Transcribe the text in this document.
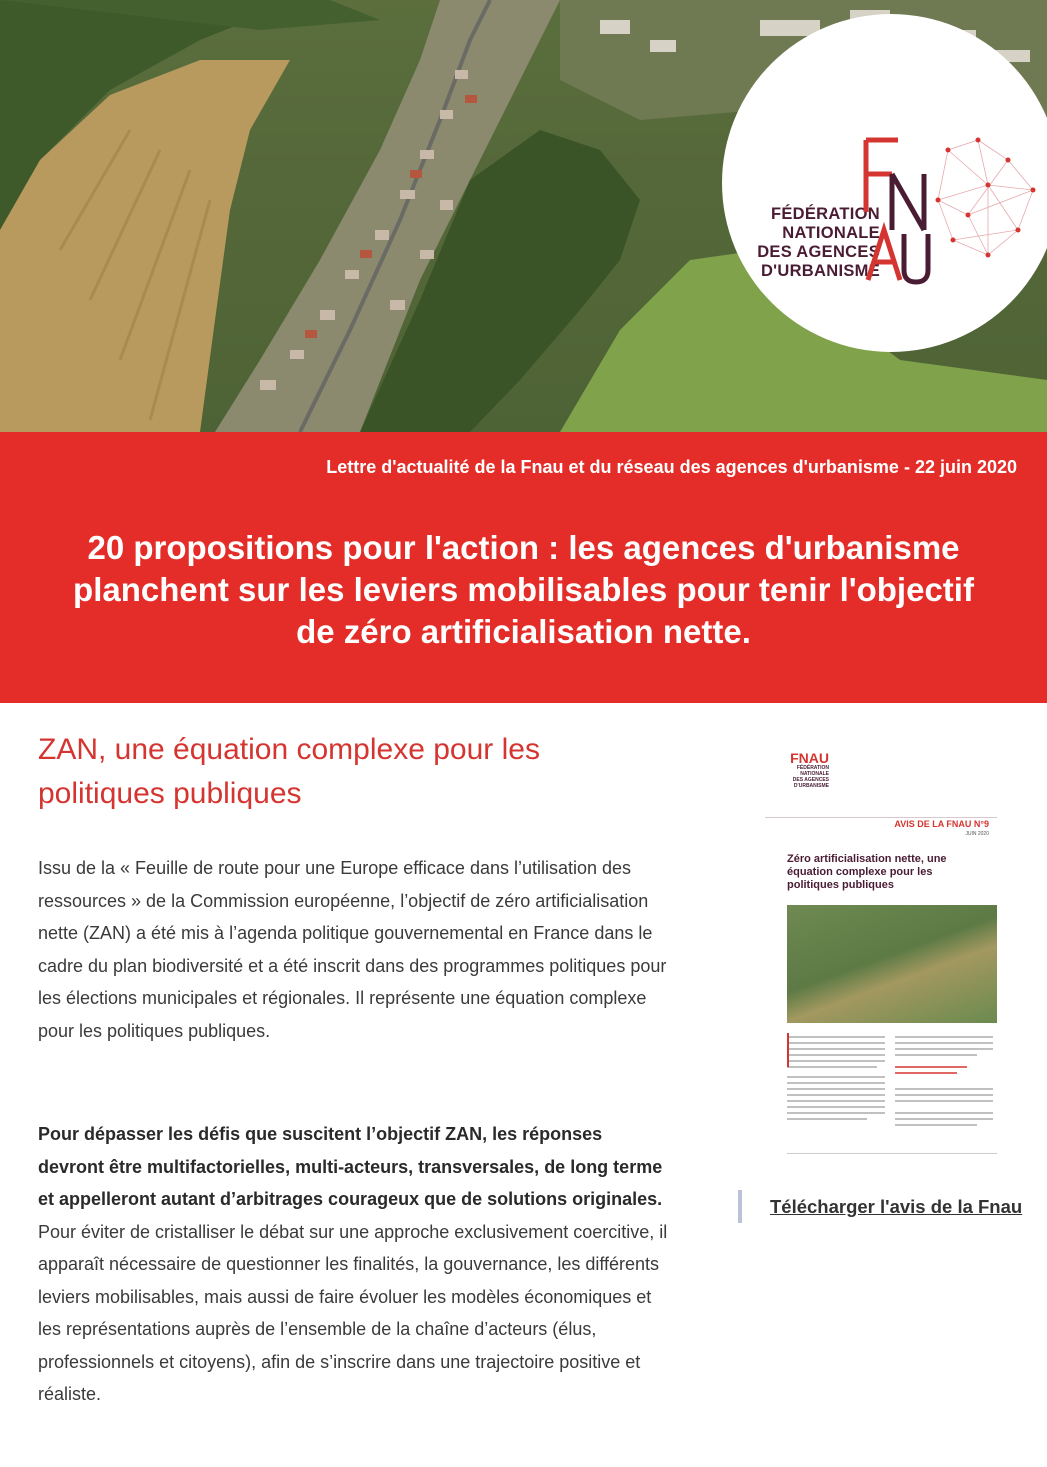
FÉDÉRATION
NATIONALE
DES AGENCES
D'URBANISME
Lettre d'actualité de la Fnau et du réseau des agences d'urbanisme - 22 juin 2020
20 propositions pour l'action : les agences d'urbanisme planchent sur les leviers mobilisables pour tenir l'objectif de zéro artificialisation nette.
ZAN, une équation complexe pour les politiques publiques

Issu de la « Feuille de route pour une Europe efficace dans l’utilisation des ressources » de la Commission européenne, l’objectif de zéro artificialisation nette (ZAN) a été mis à l’agenda politique gouvernemental en France dans le cadre du plan biodiversité et a été inscrit dans des programmes politiques pour les élections municipales et régionales. Il représente une équation complexe pour les politiques publiques.

Pour dépasser les défis que suscitent l’objectif ZAN, les réponses devront être multifactorielles, multi-acteurs, transversales, de long terme et appelleront autant d’arbitrages courageux que de solutions originales. Pour éviter de cristalliser le débat sur une approche exclusivement coercitive, il apparaît nécessaire de questionner les finalités, la gouvernance, les différents leviers mobilisables, mais aussi de faire évoluer les modèles économiques et les représentations auprès de l’ensemble de la chaîne d’acteurs (élus, professionnels et citoyens), afin de s’inscrire dans une trajectoire positive et réaliste.

FNAU
FÉDÉRATION
NATIONALE
DES AGENCES
D'URBANISME
AVIS DE LA FNAU N°9
JUIN 2020
Zéro artificialisation nette, une équation complexe pour les politiques publiques
Télécharger l'avis de la Fnau
